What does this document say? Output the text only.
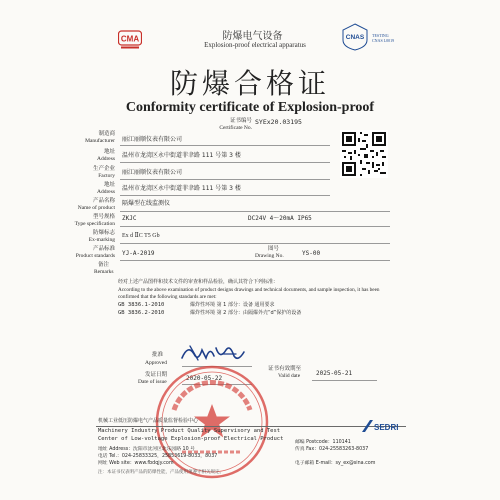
CMA	防爆电气设备
Explosion-proof electrical apparatus
CNAS TESTING
CNAS L0019
防爆合格证
Conformity certificate of Explosion-proof
证书编号
Certificate No.
SYEx20.03195
制造商
Manufacturer 丽江丽顺仪表有限公司
地址
Address 温州市龙湾区永中街道菲聿路 111 号第 3 楼
生产企业
Factory 丽江丽顺仪表有限公司
地址
Address 温州市龙湾区永中街道菲聿路 111 号第 3 楼
产品名称
Name of product
隔爆型在线监测仪
型号规格
Type specification
ZKJC	DC24V 4～20mA IP65
防爆标志
Ex-marking
Ex d ⅡC T5 Gb
产品标准
Product standards YJ-A-2019
图号
Drawing No.	YS-00
备注
Remarks
经对上述产品图样和技术文件的审查和样品检验，确认其符合下列标准：
According to the above examination of product designs drawings and technical documents, and sample inspection, it has been confirmed that the following standards are met:
GB 3836.1-2010	爆炸性环境 第 1 部分：设备 通用要求
GB 3836.2-2010	爆炸性环境 第 2 部分：由隔爆外壳“d”保护的设备
批准
Approved
发证日期
Date of issue	2020-05-22
证书有效期至
Valid date	2025-05-21
机械工业低压防爆电气产品质量监督检验中心
Machinery Industry Product Quality Supervisory and Test
Center of Low-voltage Explosion-proof Electrical Product
SEDRI
地址 Address：沈阳市沈河区北乐园路 10 号
电话 Tel.：024-25833325，25853619-8033，8037
网址 Web site：www.fbdqjy.com
邮编 Postcode：110141
传真 Fax：024-25583263-8037
电子邮箱 E-mail：sy_ex@sina.com
注：本证书仅表明产品的防爆性能，产品使用须遵守相关规定。
